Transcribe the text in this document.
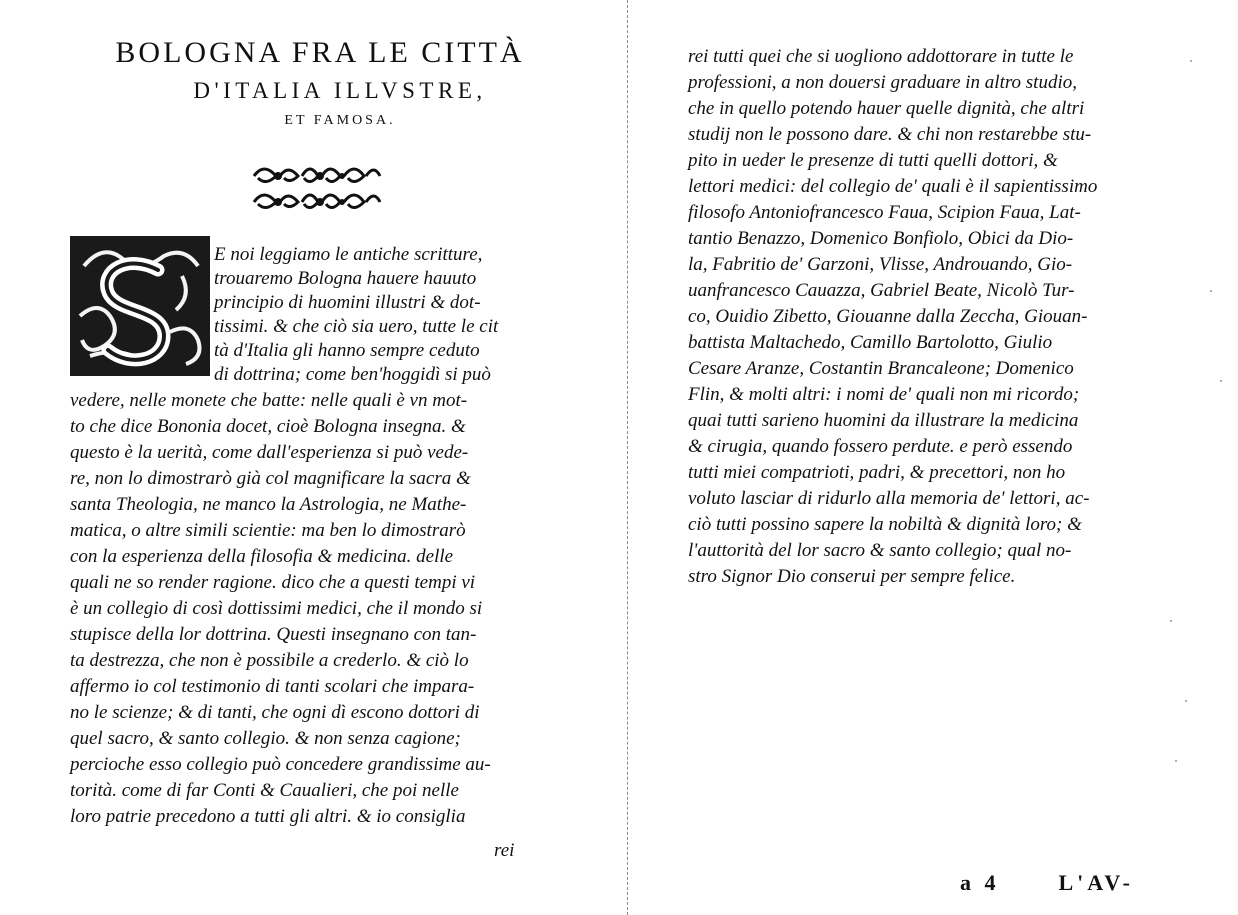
BOLOGNA FRA LE CITTÀ
D'ITALIA ILLVSTRE,
ET FAMOSA.
E noi leggiamo le antiche scritture,
trouaremo Bologna hauere hauuto
principio di huomini illustri & dot-
tissimi. & che ciò sia uero, tutte le cit
tà d'Italia gli hanno sempre ceduto
di dottrina; come ben'hoggidì si può
vedere, nelle monete che batte: nelle quali è vn mot-
to che dice Bononia docet, cioè Bologna insegna. &
questo è la uerità, come dall'esperienza si può vede-
re, non lo dimostrarò già col magnificare la sacra &
santa Theologia, ne manco la Astrologia, ne Mathe-
matica, o altre simili scientie: ma ben lo dimostrarò
con la esperienza della filosofia & medicina. delle
quali ne so render ragione. dico che a questi tempi vi
è un collegio di così dottissimi medici, che il mondo si
stupisce della lor dottrina. Questi insegnano con tan-
ta destrezza, che non è possibile a crederlo. & ciò lo
affermo io col testimonio di tanti scolari che impara-
no le scienze; & di tanti, che ogni dì escono dottori di
quel sacro, & santo collegio. & non senza cagione;
percioche esso collegio può concedere grandissime au-
torità. come di far Conti & Caualieri, che poi nelle
loro patrie precedono a tutti gli altri. & io consiglia
rei
rei tutti quei che si uogliono addottorare in tutte le
professioni, a non douersi graduare in altro studio,
che in quello potendo hauer quelle dignità, che altri
studij non le possono dare. & chi non restarebbe stu-
pito in ueder le presenze di tutti quelli dottori, &
lettori medici: del collegio de' quali è il sapientissimo
filosofo Antoniofrancesco Faua, Scipion Faua, Lat-
tantio Benazzo, Domenico Bonfiolo, Obici da Dio-
la, Fabritio de' Garzoni, Vlisse, Androuando, Gio-
uanfrancesco Cauazza, Gabriel Beate, Nicolò Tur-
co, Ouidio Zibetto, Giouanne dalla Zeccha, Giouan-
battista Maltachedo, Camillo Bartolotto, Giulio
Cesare Aranze, Costantin Brancaleone; Domenico
Flin, & molti altri: i nomi de' quali non mi ricordo;
quai tutti sarieno huomini da illustrare la medicina
& cirugia, quando fossero perdute. e però essendo
tutti miei compatrioti, padri, & precettori, non ho
voluto lasciar di ridurlo alla memoria de' lettori, ac-
ciò tutti possino sapere la nobiltà & dignità loro; &
l'auttorità del lor sacro & santo collegio; qual no-
stro Signor Dio conserui per sempre felice.
a 4	L'AV-
